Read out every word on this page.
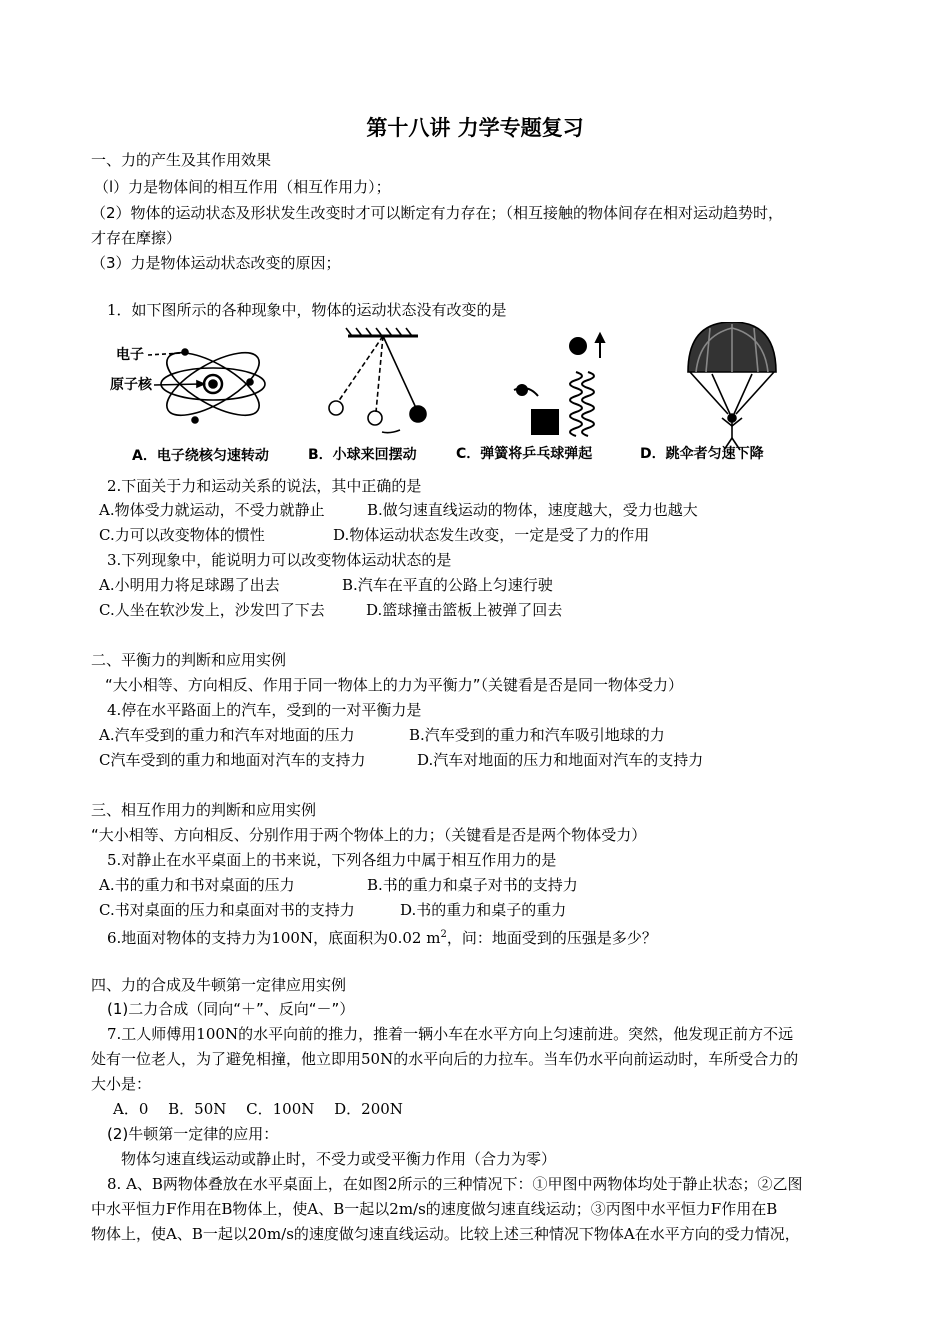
第十八讲 力学专题复习
一、力的产生及其作用效果
（l）力是物体间的相互作用（相互作用力）；
（2）物体的运动状态及形状发生改变时才可以断定有力存在；（相互接触的物体间存在相对运动趋势时，
才存在摩擦）
（3）力是物体运动状态改变的原因；
1．如下图所示的各种现象中，物体的运动状态没有改变的是
电子
原子核
A．电子绕核匀速转动	B．小球来回摆动	C．弹簧将乒乓球弹起	D．跳伞者匀速下降
2.下面关于力和运动关系的说法，其中正确的是
A.物体受力就运动，不受力就静止	B.做匀速直线运动的物体，速度越大，受力也越大
C.力可以改变物体的惯性	D.物体运动状态发生改变，一定是受了力的作用
3.下列现象中，能说明力可以改变物体运动状态的是
A.小明用力将足球踢了出去	B.汽车在平直的公路上匀速行驶
C.人坐在软沙发上，沙发凹了下去	D.篮球撞击篮板上被弹了回去
二、平衡力的判断和应用实例
“大小相等、方向相反、作用于同一物体上的力为平衡力”（关键看是否是同一物体受力）
4.停在水平路面上的汽车，受到的一对平衡力是
A.汽车受到的重力和汽车对地面的压力	B.汽车受到的重力和汽车吸引地球的力
C汽车受到的重力和地面对汽车的支持力	D.汽车对地面的压力和地面对汽车的支持力
三、相互作用力的判断和应用实例
“大小相等、方向相反、分别作用于两个物体上的力；（关键看是否是两个物体受力）
5.对静止在水平桌面上的书来说，下列各组力中属于相互作用力的是
A.书的重力和书对桌面的压力	B.书的重力和桌子对书的支持力
C.书对桌面的压力和桌面对书的支持力	D.书的重力和桌子的重力
6.地面对物体的支持力为100N，底面积为0.02 $m^2$，问：地面受到的压强是多少？
四、力的合成及牛顿第一定律应用实例
(1)二力合成（同向“＋”、反向“－”）
7.工人师傅用100N的水平向前的推力，推着一辆小车在水平方向上匀速前进。突然，他发现正前方不远
处有一位老人，为了避免相撞，他立即用50N的水平向后的力拉车。当车仍水平向前运动时，车所受合力的
大小是：
A．0　 B．50N　 C．100N　 D．200N
(2)牛顿第一定律的应用：
物体匀速直线运动或静止时，不受力或受平衡力作用（合力为零）
8. A、B两物体叠放在水平桌面上，在如图2所示的三种情况下：①甲图中两物体均处于静止状态；②乙图
中水平恒力F作用在B物体上，使A、B一起以2m/s的速度做匀速直线运动；③丙图中水平恒力F作用在B
物体上，使A、B一起以20m/s的速度做匀速直线运动。比较上述三种情况下物体A在水平方向的受力情况，
